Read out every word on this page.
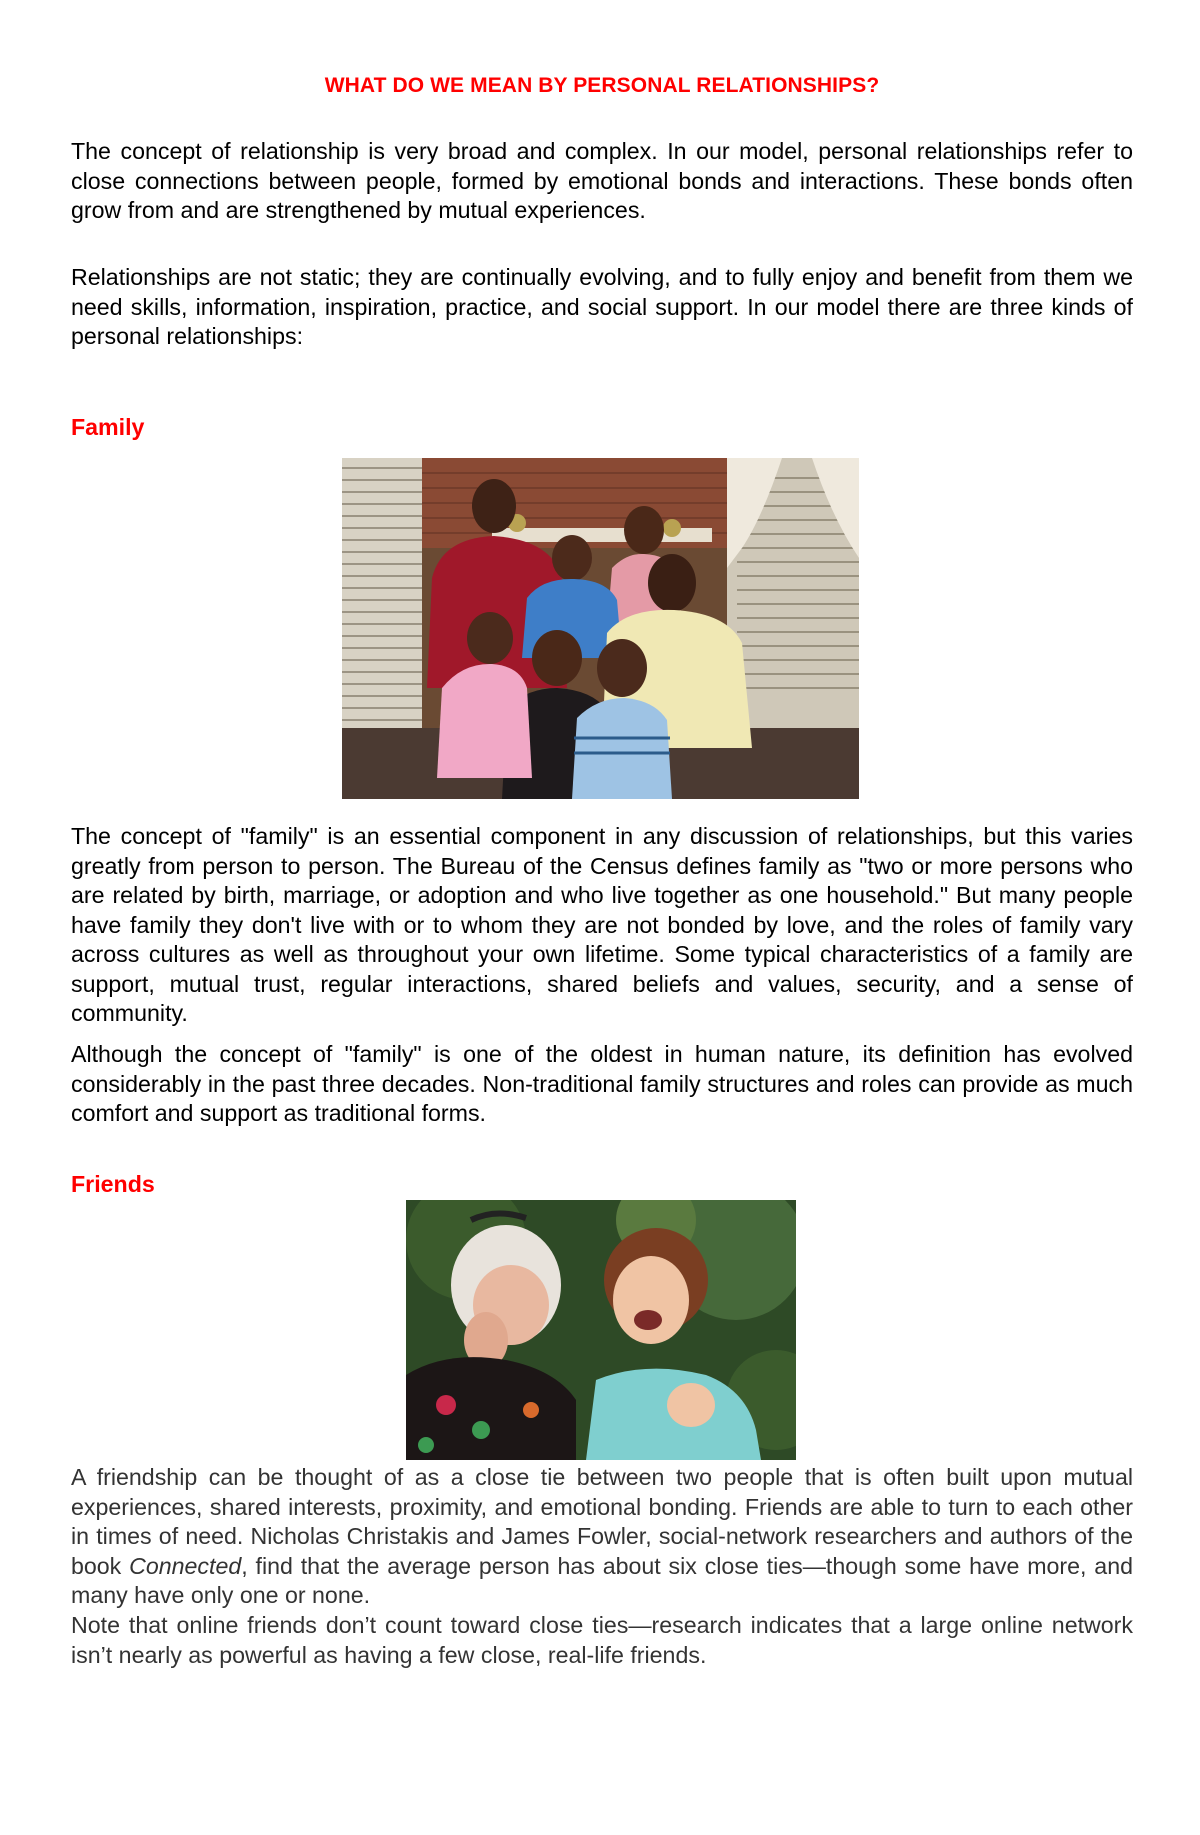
WHAT DO WE MEAN BY PERSONAL RELATIONSHIPS?

The concept of relationship is very broad and complex. In our model, personal relationships refer to close connections between people, formed by emotional bonds and interactions. These bonds often grow from and are strengthened by mutual experiences.

Relationships are not static; they are continually evolving, and to fully enjoy and benefit from them we need skills, information, inspiration, practice, and social support. In our model there are three kinds of personal relationships:

Family

The concept of "family" is an essential component in any discussion of relationships, but this varies greatly from person to person. The Bureau of the Census defines family as "two or more persons who are related by birth, marriage, or adoption and who live together as one household." But many people have family they don't live with or to whom they are not bonded by love, and the roles of family vary across cultures as well as throughout your own lifetime. Some typical characteristics of a family are support, mutual trust, regular interactions, shared beliefs and values, security, and a sense of community.

Although the concept of "family" is one of the oldest in human nature, its definition has evolved considerably in the past three decades. Non-traditional family structures and roles can provide as much comfort and support as traditional forms.

Friends

A friendship can be thought of as a close tie between two people that is often built upon mutual experiences, shared interests, proximity, and emotional bonding. Friends are able to turn to each other in times of need. Nicholas Christakis and James Fowler, social-network researchers and authors of the book Connected, find that the average person has about six close ties—though some have more, and many have only one or none.

Note that online friends don’t count toward close ties—research indicates that a large online network isn’t nearly as powerful as having a few close, real-life friends.
